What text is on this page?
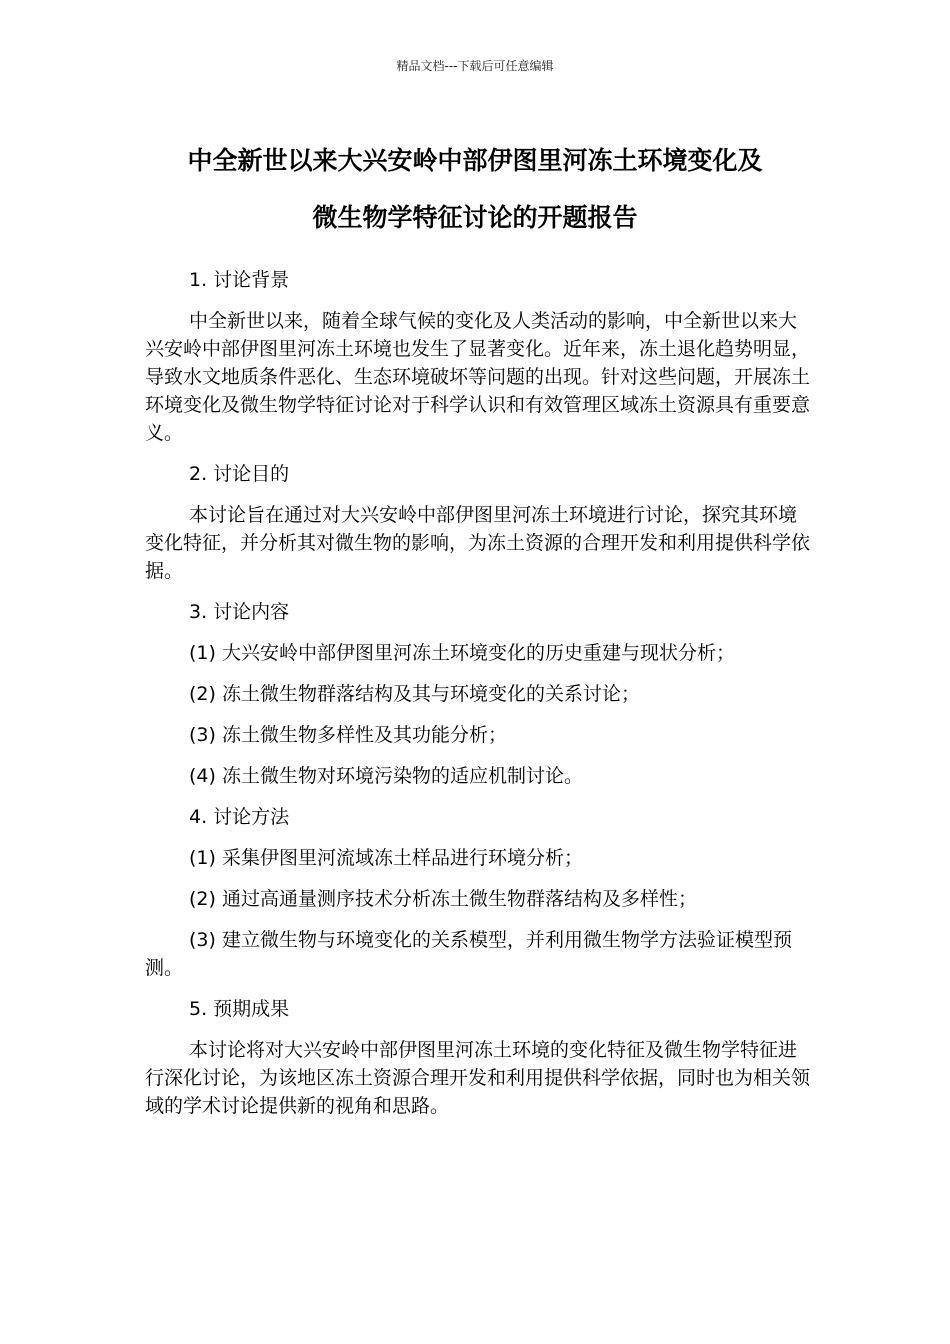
精品文档---下载后可任意编辑
中全新世以来大兴安岭中部伊图里河冻土环境变化及
微生物学特征讨论的开题报告

1. 讨论背景

中全新世以来，随着全球气候的变化及人类活动的影响，中全新世以来大兴安岭中部伊图里河冻土环境也发生了显著变化。近年来，冻土退化趋势明显，导致水文地质条件恶化、生态环境破坏等问题的出现。针对这些问题，开展冻土环境变化及微生物学特征讨论对于科学认识和有效管理区域冻土资源具有重要意义。

2. 讨论目的

本讨论旨在通过对大兴安岭中部伊图里河冻土环境进行讨论，探究其环境变化特征，并分析其对微生物的影响，为冻土资源的合理开发和利用提供科学依据。

3. 讨论内容

(1) 大兴安岭中部伊图里河冻土环境变化的历史重建与现状分析；

(2) 冻土微生物群落结构及其与环境变化的关系讨论；

(3) 冻土微生物多样性及其功能分析；

(4) 冻土微生物对环境污染物的适应机制讨论。

4. 讨论方法

(1) 采集伊图里河流域冻土样品进行环境分析；

(2) 通过高通量测序技术分析冻土微生物群落结构及多样性；

(3) 建立微生物与环境变化的关系模型，并利用微生物学方法验证模型预测。

5. 预期成果

本讨论将对大兴安岭中部伊图里河冻土环境的变化特征及微生物学特征进行深化讨论，为该地区冻土资源合理开发和利用提供科学依据，同时也为相关领域的学术讨论提供新的视角和思路。
